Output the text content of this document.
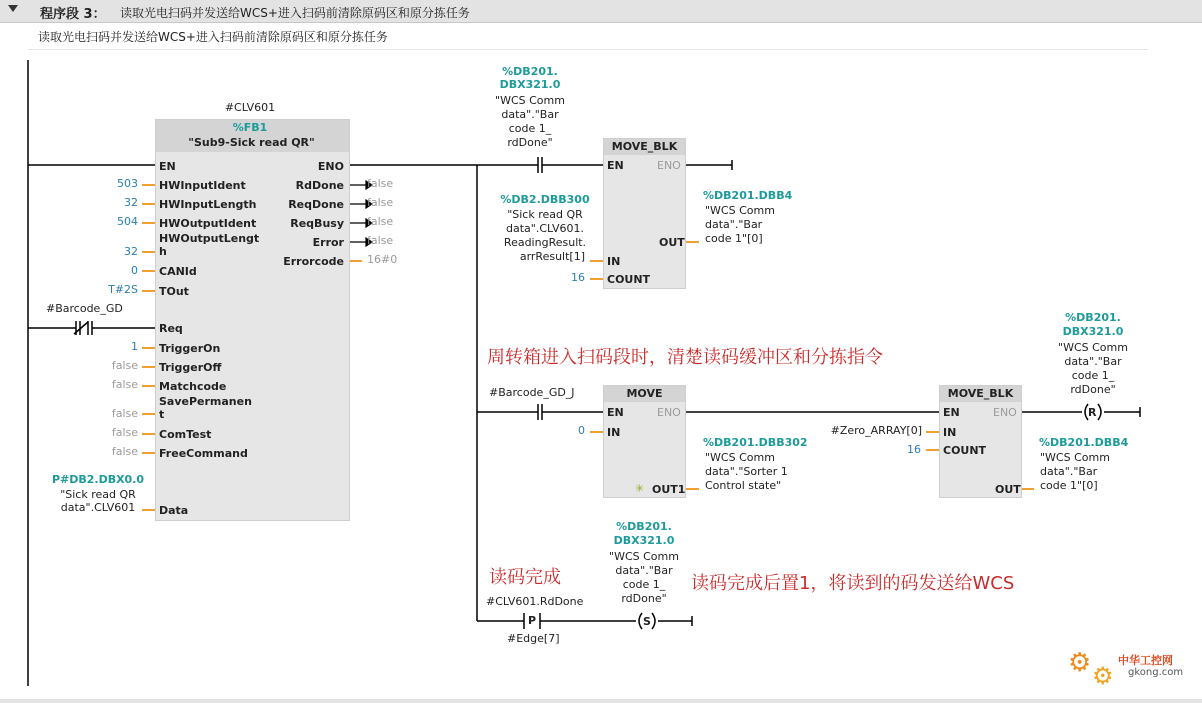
程序段 3： 读取光电扫码并发送给WCS+进入扫码前清除原码区和原分拣任务
读取光电扫码并发送给WCS+进入扫码前清除原码区和原分拣任务
#CLV601
%FB1
"Sub9-Sick read QR"
EN	ENO
HWInputIdent
503
HWInputLength
32
HWOutputIdent
504
HWOutputLengt
h
32
CANId
0
TOut
T#2S
Req
TriggerOn
1
TriggerOff
false
Matchcode
false
SavePermanen
t
false
ComTest
false
FreeCommand
false
Data
RdDone false
ReqDone false
ReqBusy false
Error false
Errorcode 16#0
#Barcode_GD
P#DB2.DBX0.0
"Sick read QR
data".CLV601
%DB201.
DBX321.0
"WCS Comm
data"."Bar
code 1_
rdDone"	MOVE_BLK
EN	ENO
IN
COUNT
OUT
%DB2.DBB300
"Sick read QR
data".CLV601.
ReadingResult.
arrResult[1]
16
%DB201.DBB4
"WCS Comm
data"."Bar
code 1"[0]
周转箱进入扫码段时，清楚读码缓冲区和分拣指令
#Barcode_GD_J	MOVE
EN	ENO
IN
OUT1
✳
0
%DB201.DBB302
"WCS Comm
data"."Sorter 1
Control state"
MOVE_BLK
EN	ENO
IN
COUNT
OUT
#Zero_ARRAY[0]
16
%DB201.DBB4
"WCS Comm
data"."Bar
code 1"[0]
R
%DB201.
DBX321.0
"WCS Comm
data"."Bar
code 1_
rdDone"
读码完成	读码完成后置1，将读到的码发送给WCS
#CLV601.RdDone
P
#Edge[7]
S
%DB201.
DBX321.0
"WCS Comm
data"."Bar
code 1_
rdDone"
⚙ ⚙
中华工控网
gkong.com
